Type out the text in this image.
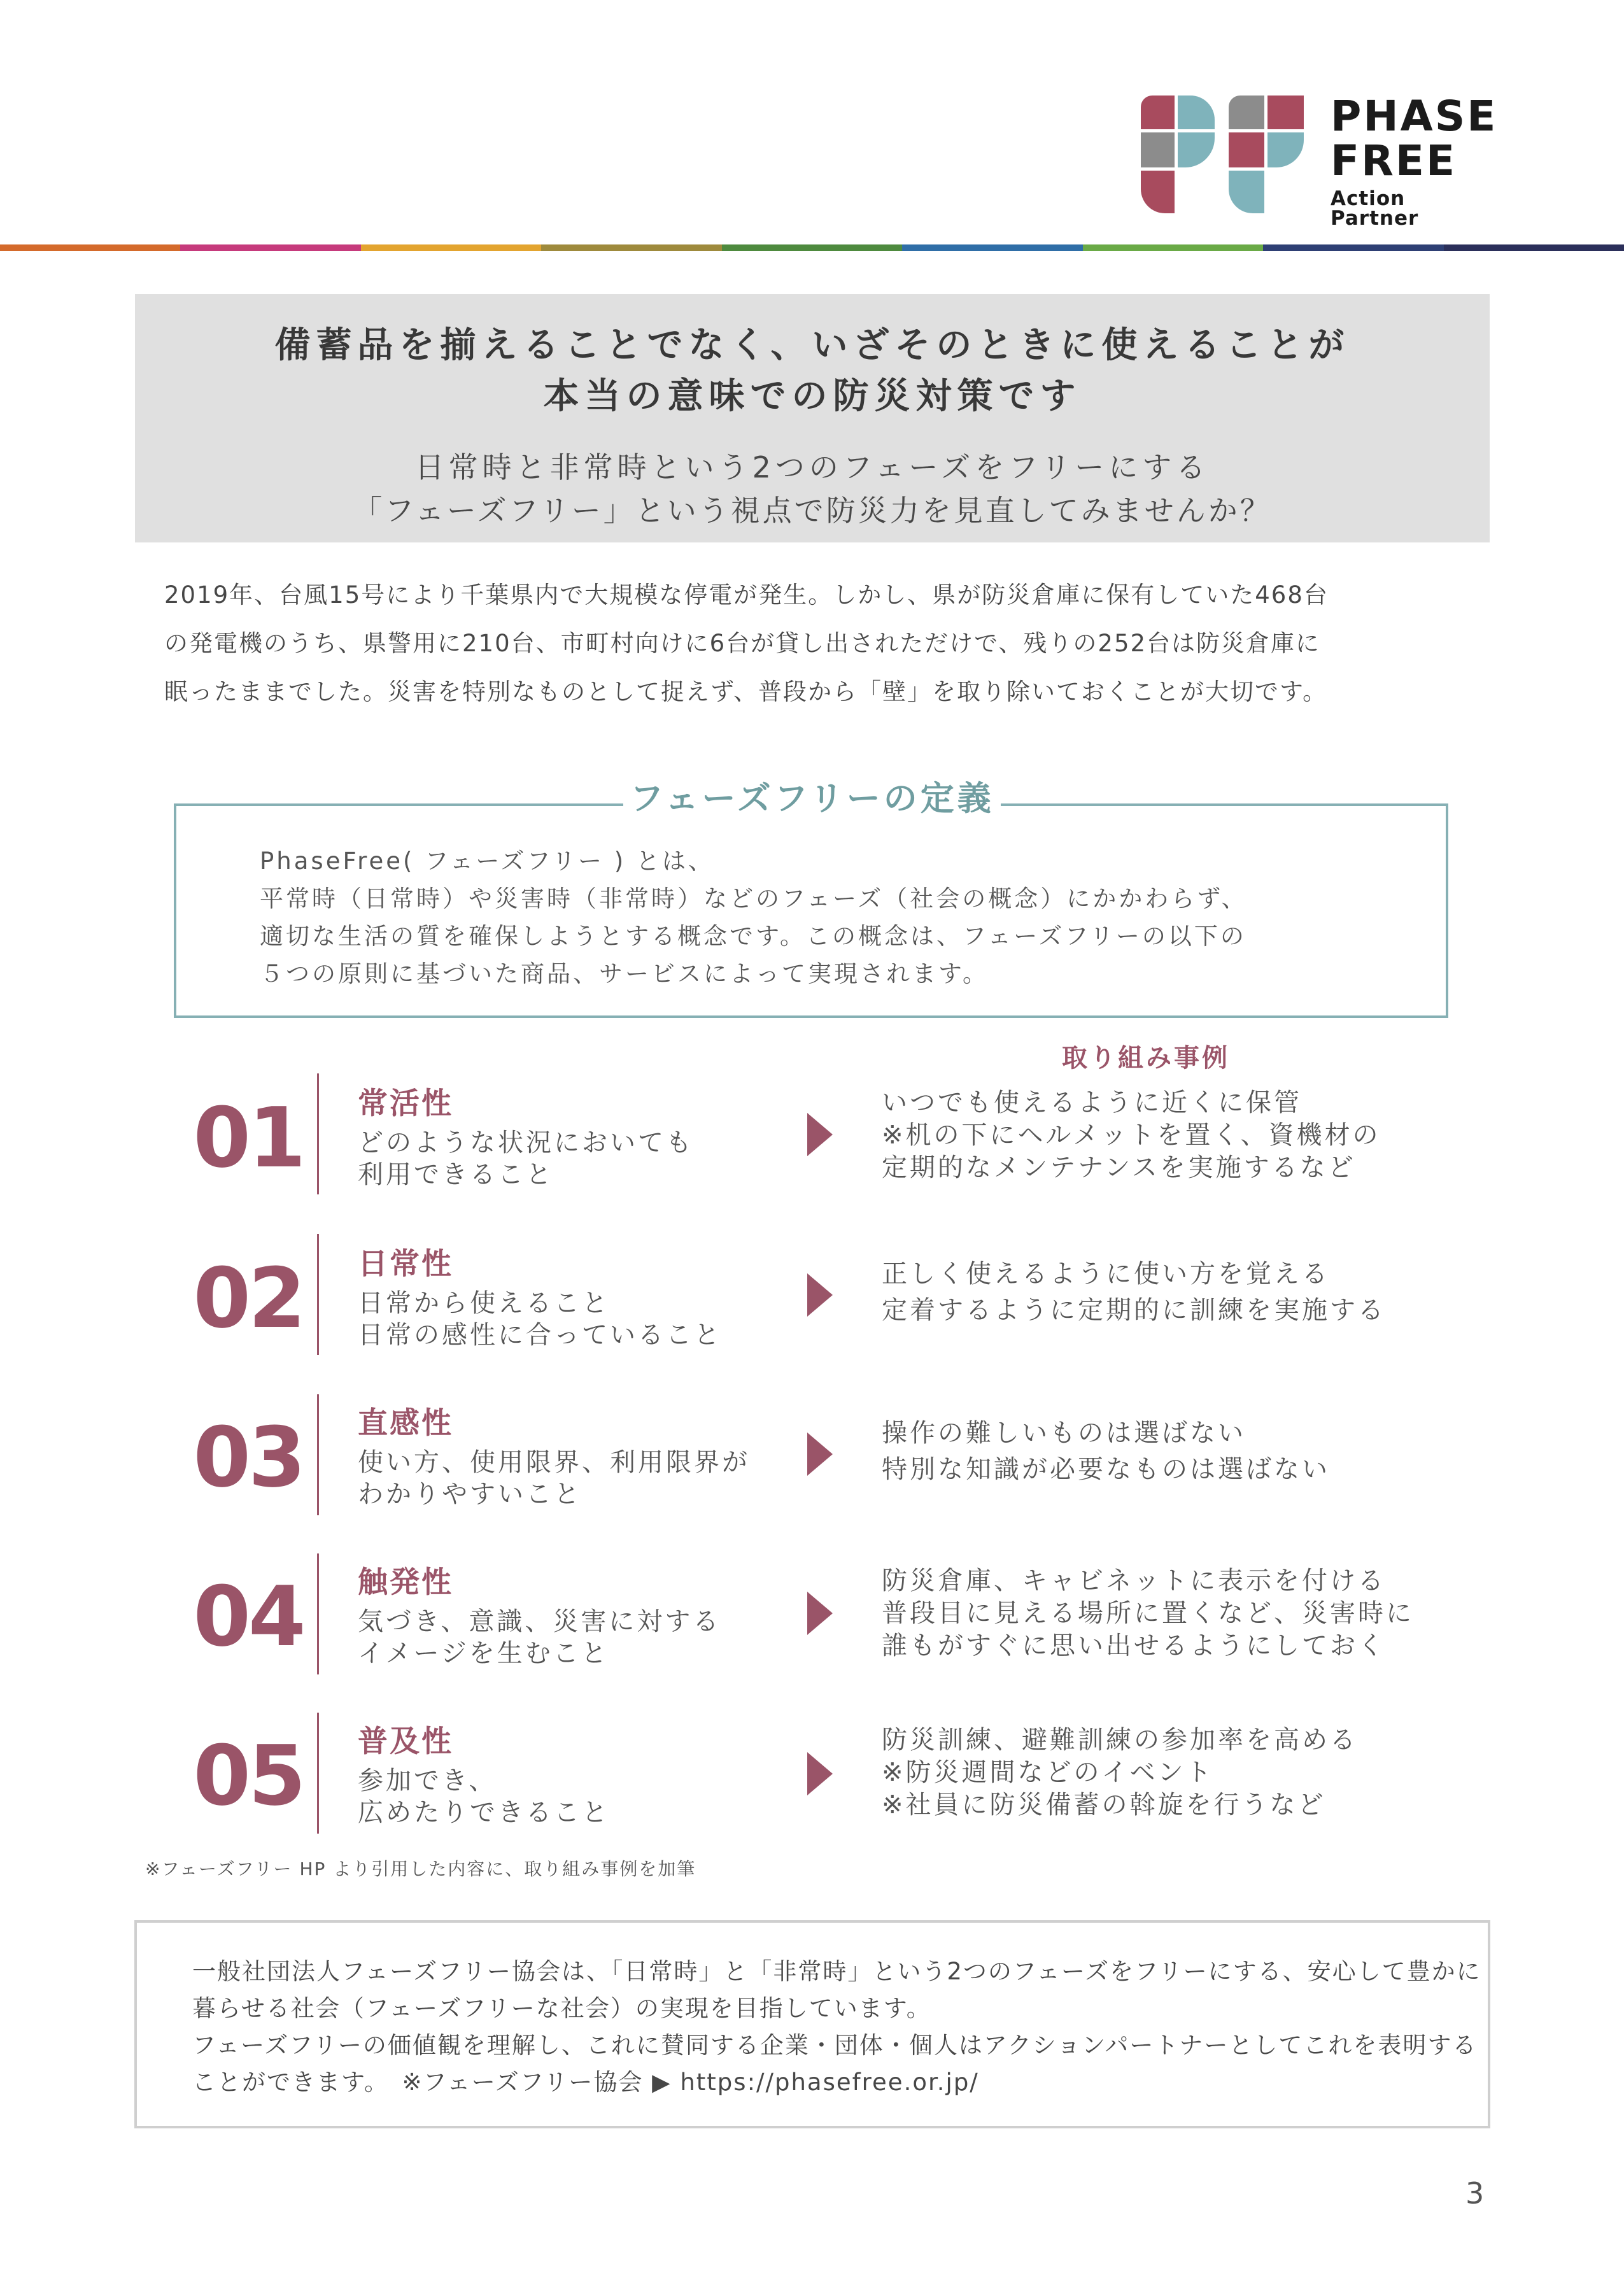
PHASE
FREE
Action Partner
備蓄品を揃えることでなく、いざそのときに使えることが
本当の意味での防災対策です
日常時と非常時という2つのフェーズをフリーにする
「フェーズフリー」という視点で防災力を見直してみませんか？
2019年、台風15号により千葉県内で大規模な停電が発生。しかし、県が防災倉庫に保有していた468台
の発電機のうち、県警用に210台、市町村向けに6台が貸し出されただけで、残りの252台は防災倉庫に
眠ったままでした。災害を特別なものとして捉えず、普段から「壁」を取り除いておくことが大切です。
フェーズフリーの定義
PhaseFree( フェーズフリー ) とは、
平常時（日常時）や災害時（非常時）などのフェーズ（社会の概念）にかかわらず、
適切な生活の質を確保しようとする概念です。この概念は、フェーズフリーの以下の
５つの原則に基づいた商品、サービスによって実現されます。
取り組み事例
01 常活性
どのような状況においても
利用できること
いつでも使えるように近くに保管
※机の下にヘルメットを置く、資機材の
定期的なメンテナンスを実施するなど
02 日常性
日常から使えること
日常の感性に合っていること
正しく使えるように使い方を覚える
定着するように定期的に訓練を実施する
03 直感性
使い方、使用限界、利用限界が
わかりやすいこと
操作の難しいものは選ばない
特別な知識が必要なものは選ばない
04 触発性
気づき、意識、災害に対する
イメージを生むこと
防災倉庫、キャビネットに表示を付ける
普段目に見える場所に置くなど、災害時に
誰もがすぐに思い出せるようにしておく
05 普及性
参加でき、
広めたりできること
防災訓練、避難訓練の参加率を高める
※防災週間などのイベント
※社員に防災備蓄の斡旋を行うなど
※フェーズフリー HP より引用した内容に、取り組み事例を加筆
一般社団法人フェーズフリー協会は、「日常時」と「非常時」という2つのフェーズをフリーにする、安心して豊かに
暮らせる社会（フェーズフリーな社会）の実現を目指しています。
フェーズフリーの価値観を理解し、これに賛同する企業・団体・個人はアクションパートナーとしてこれを表明する
ことができます。　※フェーズフリー協会 ▶ https://phasefree.or.jp/
3
